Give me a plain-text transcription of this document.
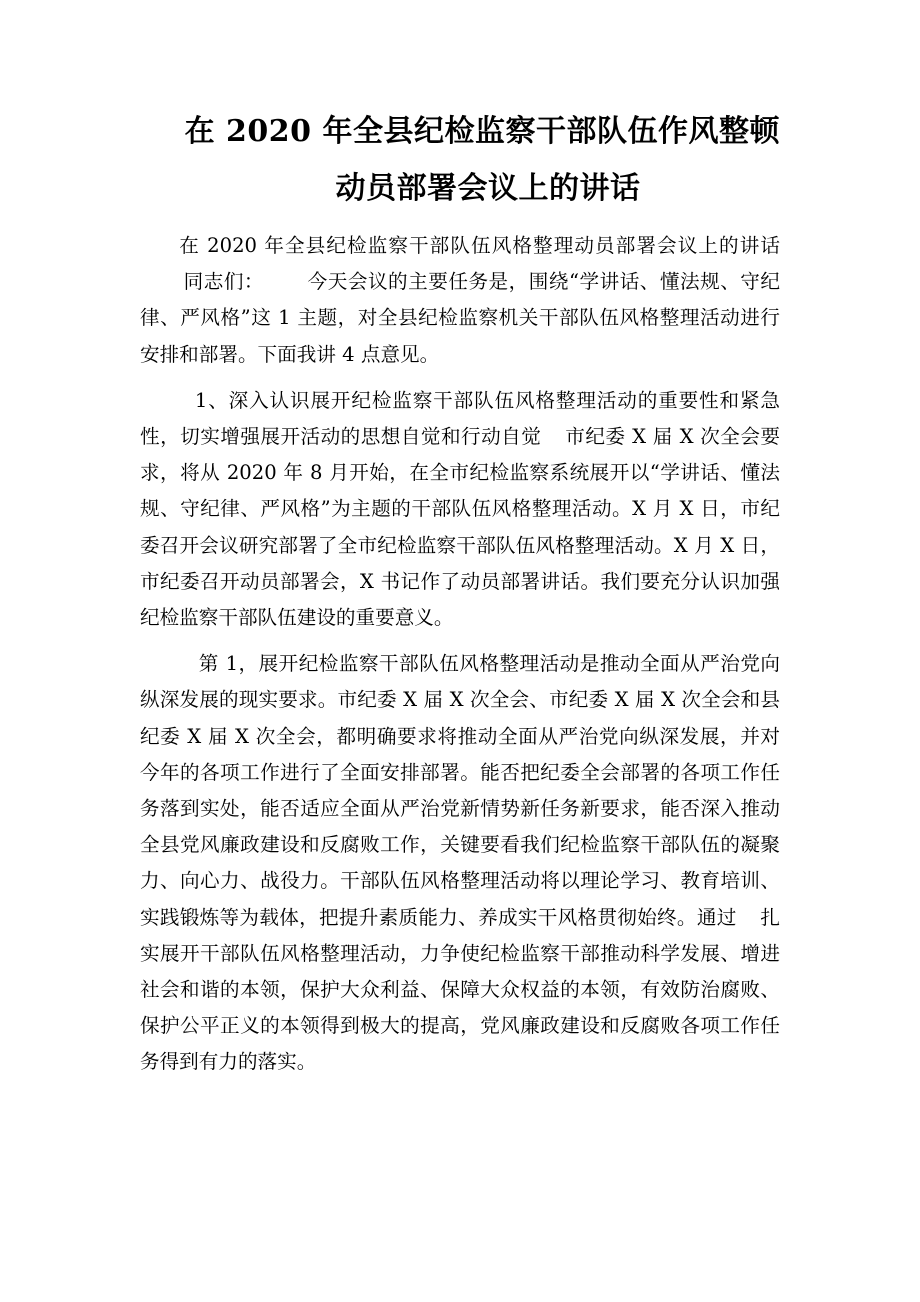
在 2020 年全县纪检监察干部队伍作风整顿
动员部署会议上的讲话

在 2020 年全县纪检监察干部队伍风格整理动员部署会议上的讲话同志们： 今天会议的主要任务是，围绕“学讲话、懂法规、守纪律、严风格”这 1 主题，对全县纪检监察机关干部队伍风格整理活动进行安排和部署。下面我讲 4 点意见。

1、深入认识展开纪检监察干部队伍风格整理活动的重要性和紧急性，切实增强展开活动的思想自觉和行动自觉 市纪委 X 届 X 次全会要求，将从 2020 年 8 月开始，在全市纪检监察系统展开以“学讲话、懂法规、守纪律、严风格”为主题的干部队伍风格整理活动。X 月 X 日，市纪委召开会议研究部署了全市纪检监察干部队伍风格整理活动。X 月 X 日，市纪委召开动员部署会，X 书记作了动员部署讲话。我们要充分认识加强纪检监察干部队伍建设的重要意义。

第 1，展开纪检监察干部队伍风格整理活动是推动全面从严治党向纵深发展的现实要求。市纪委 X 届 X 次全会、市纪委 X 届 X 次全会和县纪委 X 届 X 次全会，都明确要求将推动全面从严治党向纵深发展，并对今年的各项工作进行了全面安排部署。能否把纪委全会部署的各项工作任务落到实处，能否适应全面从严治党新情势新任务新要求，能否深入推动全县党风廉政建设和反腐败工作，关键要看我们纪检监察干部队伍的凝聚力、向心力、战役力。干部队伍风格整理活动将以理论学习、教育培训、实践锻炼等为载体，把提升素质能力、养成实干风格贯彻始终。通过 扎实展开干部队伍风格整理活动，力争使纪检监察干部推动科学发展、增进社会和谐的本领，保护大众利益、保障大众权益的本领，有效防治腐败、保护公平正义的本领得到极大的提高，党风廉政建设和反腐败各项工作任务得到有力的落实。
